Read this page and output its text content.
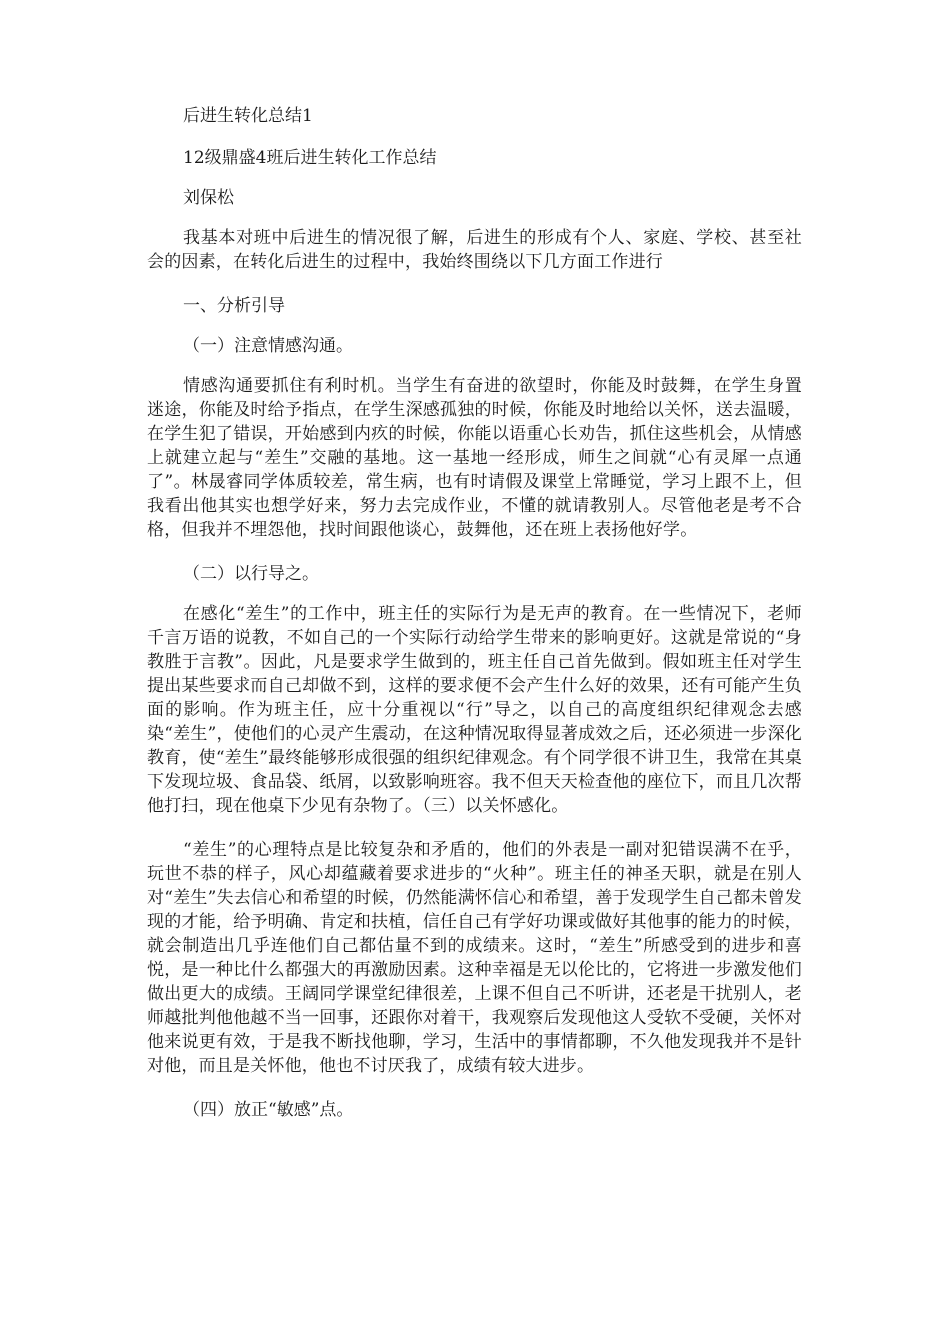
后进生转化总结1

12级鼎盛4班后进生转化工作总结

刘保松

我基本对班中后进生的情况很了解，后进生的形成有个人、家庭、学校、甚至社会的因素，在转化后进生的过程中，我始终围绕以下几方面工作进行

一、分析引导

（一）注意情感沟通。

情感沟通要抓住有利时机。当学生有奋进的欲望时，你能及时鼓舞，在学生身置迷途，你能及时给予指点，在学生深感孤独的时候，你能及时地给以关怀，送去温暖，在学生犯了错误，开始感到内疚的时候，你能以语重心长劝告，抓住这些机会，从情感上就建立起与“差生”交融的基地。这一基地一经形成，师生之间就“心有灵犀一点通了”。林晟睿同学体质较差，常生病，也有时请假及课堂上常睡觉，学习上跟不上，但我看出他其实也想学好来，努力去完成作业，不懂的就请教别人。尽管他老是考不合格，但我并不埋怨他，找时间跟他谈心，鼓舞他，还在班上表扬他好学。

（二）以行导之。

在感化“差生”的工作中，班主任的实际行为是无声的教育。在一些情况下，老师千言万语的说教，不如自己的一个实际行动给学生带来的影响更好。这就是常说的“身教胜于言教”。因此，凡是要求学生做到的，班主任自己首先做到。假如班主任对学生提出某些要求而自己却做不到，这样的要求便不会产生什么好的效果，还有可能产生负面的影响。作为班主任，应十分重视以“行”导之，以自己的高度组织纪律观念去感染“差生”，使他们的心灵产生震动，在这种情况取得显著成效之后，还必须进一步深化教育，使“差生”最终能够形成很强的组织纪律观念。有个同学很不讲卫生，我常在其桌下发现垃圾、食品袋、纸屑，以致影响班容。我不但天天检查他的座位下，而且几次帮他打扫，现在他桌下少见有杂物了。（三）以关怀感化。

“差生”的心理特点是比较复杂和矛盾的，他们的外表是一副对犯错误满不在乎，玩世不恭的样子，风心却蕴藏着要求进步的“火种”。班主任的神圣天职，就是在别人对“差生”失去信心和希望的时候，仍然能满怀信心和希望，善于发现学生自己都未曾发现的才能，给予明确、肯定和扶植，信任自己有学好功课或做好其他事的能力的时候，就会制造出几乎连他们自己都估量不到的成绩来。这时，“差生”所感受到的进步和喜悦，是一种比什么都强大的再激励因素。这种幸福是无以伦比的，它将进一步激发他们做出更大的成绩。王阔同学课堂纪律很差，上课不但自己不听讲，还老是干扰别人，老师越批判他他越不当一回事，还跟你对着干，我观察后发现他这人受软不受硬，关怀对他来说更有效，于是我不断找他聊，学习，生活中的事情都聊，不久他发现我并不是针对他，而且是关怀他，他也不讨厌我了，成绩有较大进步。

（四）放正“敏感”点。
